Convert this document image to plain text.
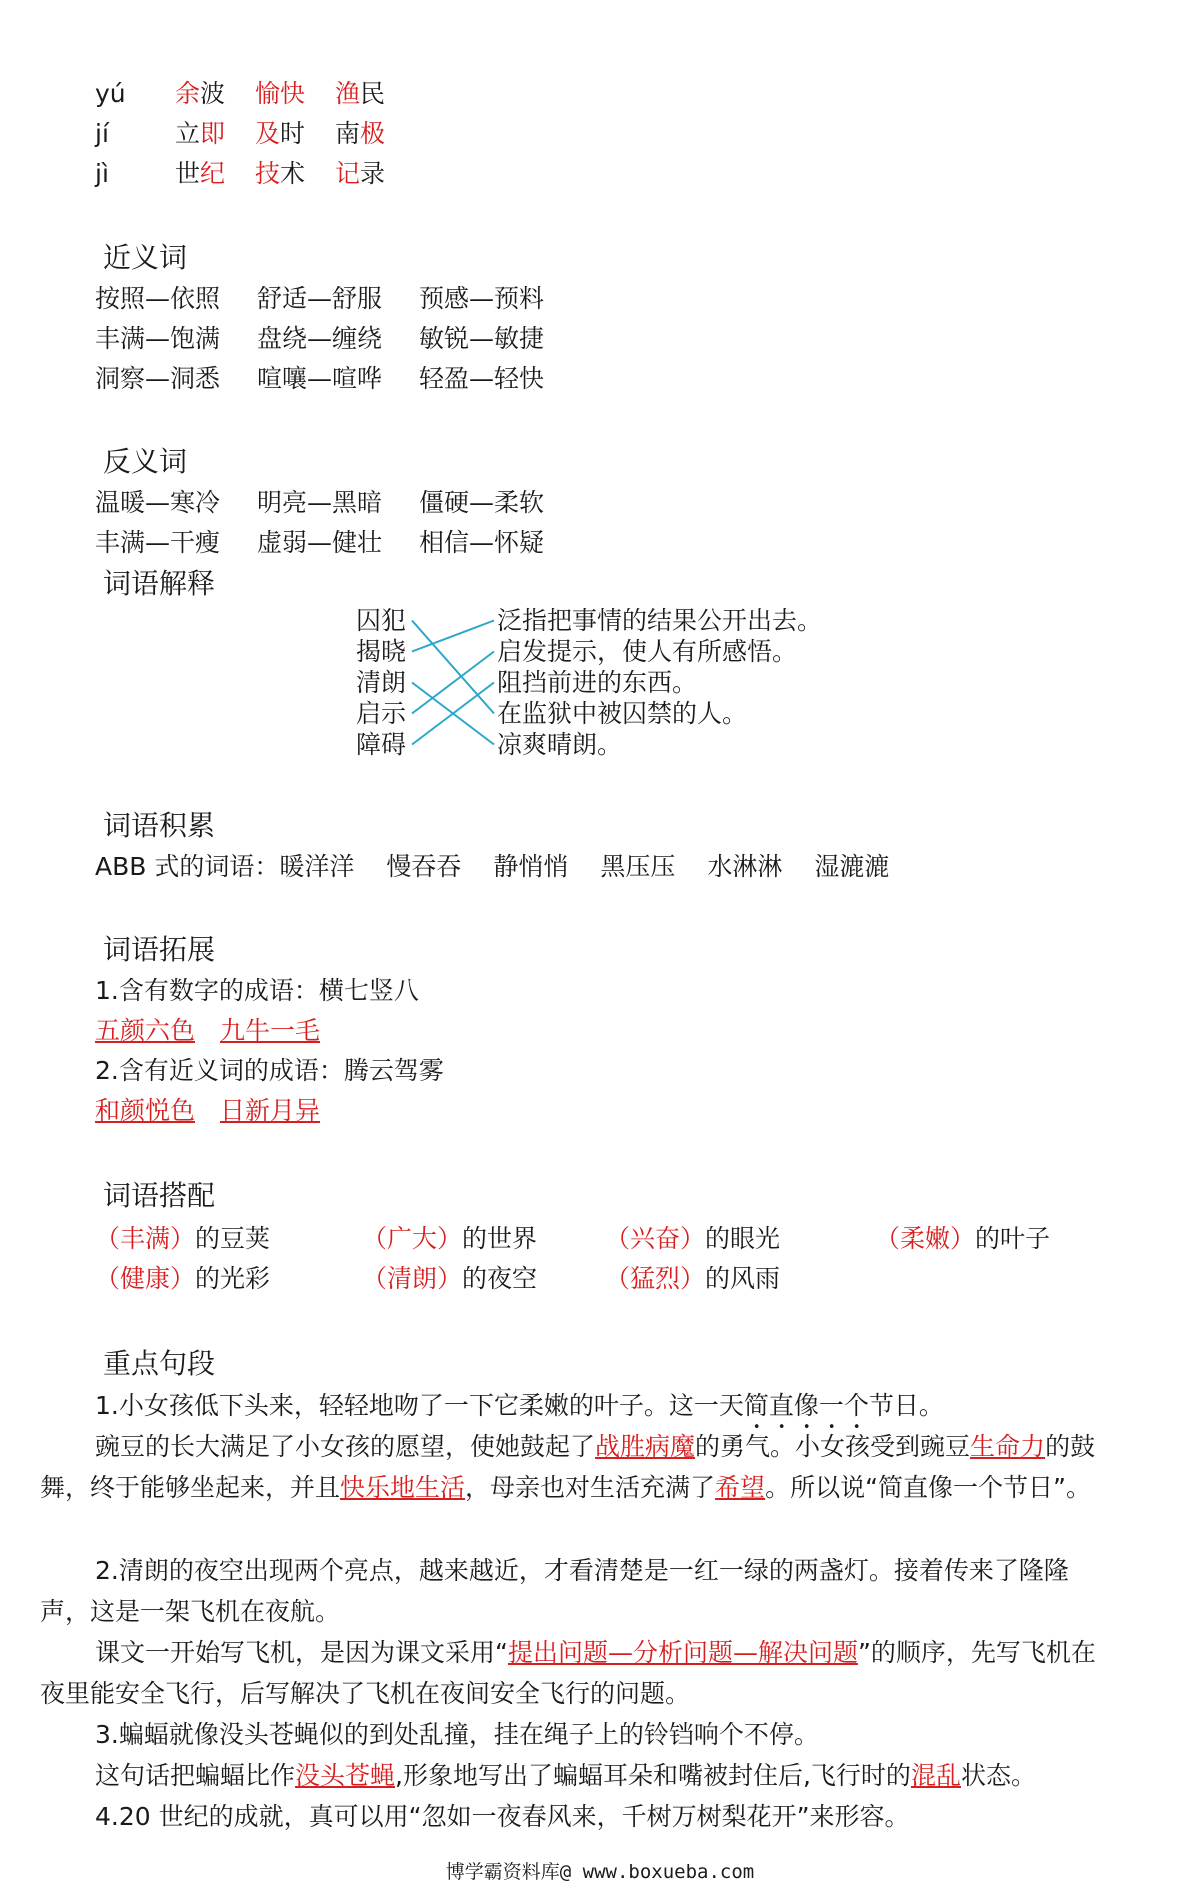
yú 余波 愉快 渔民
jí	立即 及时 南极
jì	世纪 技术 记录
近义词
按照—依照 舒适—舒服 预感—预料
丰满—饱满 盘绕—缠绕 敏锐—敏捷
洞察—洞悉 喧嚷—喧哗 轻盈—轻快
反义词
温暖—寒冷 明亮—黑暗 僵硬—柔软
丰满—干瘦 虚弱—健壮 相信—怀疑
词语解释
囚犯
揭晓
清朗
启示
障碍
泛指把事情的结果公开出去。
启发提示，使人有所感悟。
阻挡前进的东西。
在监狱中被囚禁的人。
凉爽晴朗。
词语积累
ABB 式的词语：暖洋洋 慢吞吞 静悄悄 黑压压 水淋淋 湿漉漉
词语拓展
1.含有数字的成语：横七竖八
五颜六色　 九牛一毛
2.含有近义词的成语：腾云驾雾
和颜悦色　 日新月异
词语搭配
（丰满）的豆荚	（广大）的世界	（兴奋）的眼光	（柔嫩）的叶子
（健康）的光彩	（清朗）的夜空	（猛烈）的风雨
重点句段
1.小女孩低下头来，轻轻地吻了一下它柔嫩的叶子。这一天简直像一个节日。
豌豆的长大满足了小女孩的愿望，使她鼓起了战胜病魔的勇气。小女孩受到豌豆生命力的鼓舞，终于能够坐起来，并且快乐地生活，母亲也对生活充满了希望。所以说“简直像一个节日”。
2.清朗的夜空出现两个亮点，越来越近，才看清楚是一红一绿的两盏灯。接着传来了隆隆声，这是一架飞机在夜航。
课文一开始写飞机，是因为课文采用“提出问题—分析问题—解决问题”的顺序，先写飞机在夜里能安全飞行，后写解决了飞机在夜间安全飞行的问题。
3.蝙蝠就像没头苍蝇似的到处乱撞，挂在绳子上的铃铛响个不停。
这句话把蝙蝠比作没头苍蝇,形象地写出了蝙蝠耳朵和嘴被封住后,飞行时的混乱状态。
4.20 世纪的成就，真可以用“忽如一夜春风来，千树万树梨花开”来形容。
博学霸资料库@ www.boxueba.com
